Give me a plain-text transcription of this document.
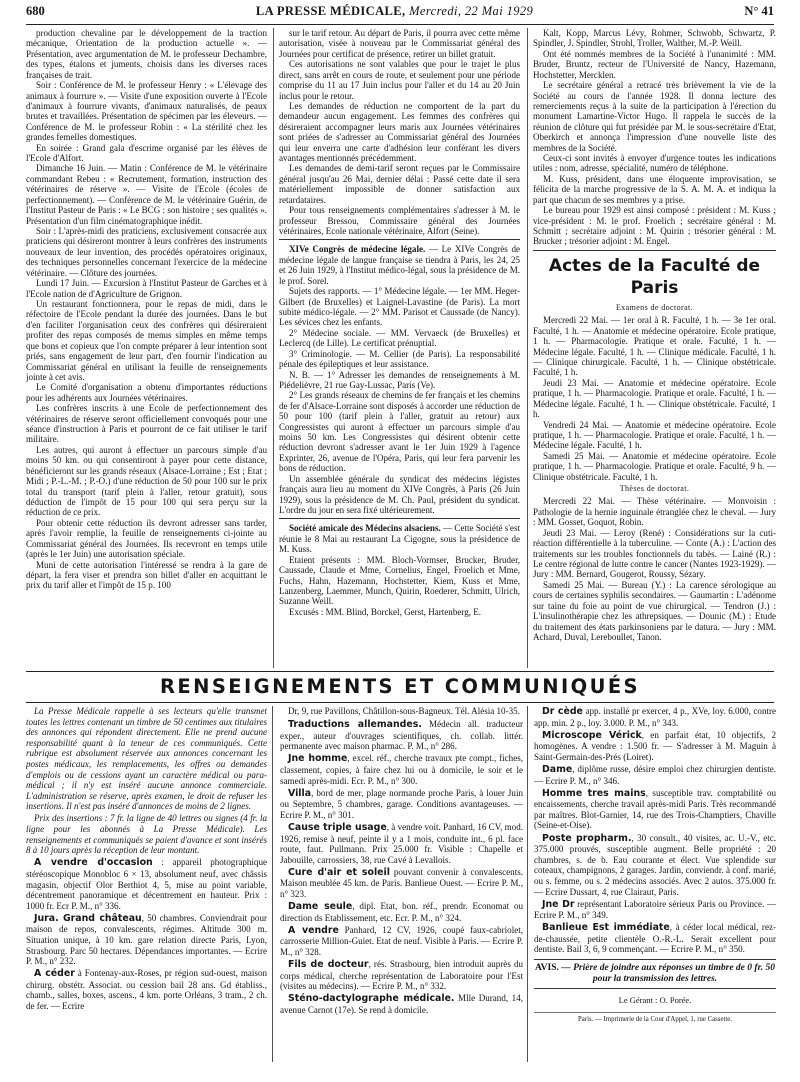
680	LA PRESSE MÉDICALE, Mercredi, 22 Mai 1929	N° 41

production chevaline par le développement de la traction mécanique, Orientation de la production actuelle ». — Présentation, avec argumentation de M. le professeur Dechambre, des types, étalons et juments, choisis dans les diverses races françaises de trait.

Soir : Conférence de M. le professeur Henry : « L'élevage des animaux à fourrure ». — Visite d'une exposition ouverte à l'Ecole d'animaux à fourrure vivants, d'animaux naturalisés, de peaux brutes et travaillées. Présentation de spécimen par les éleveurs. — Conférence de M. le professeur Robin : « La stérilité chez les grandes femelles domestiques.

En soirée : Grand gala d'escrime organisé par les élèves de l'Ecole d'Alfort.

Dimanche 16 Juin. — Matin : Conférence de M. le vétérinaire commandant Rebeu : « Recrutement, formation, instruction des vétérinaires de réserve ». — Visite de l'Ecole (écoles de perfectionnement). — Conférence de M. le vétérinaire Guérin, de l'Institut Pasteur de Paris : « Le BCG : son histoire ; ses qualités ». Présentation d'un film cinématographique inédit.

Soir : L'après-midi des praticiens, exclusivement consacrée aux praticiens qui désireront montrer à leurs confrères des instruments nouveaux de leur invention, des procédés opératoires originaux, des techniques personnelles concernant l'exercice de la médecine vétérinaire. — Clôture des journées.

Lundi 17 Juin. — Excursion à l'Institut Pasteur de Garches et à l'Ecole nation de d'Agriculture de Grignon.

Un restaurant fonctionnera, pour le repas de midi, dans le réfectoire de l'Ecole pendant la durée des journées. Dans le but d'en faciliter l'organisation ceux des confrères qui désireraient profiter des repas composés de menus simples en même temps que bons et copieux que l'on compte préparer à leur intention sont priés, sans engagement de leur part, d'en fournir l'indication au Commissariat général en utilisant la feuille de renseignements jointe à cet avis.

Le Comité d'organisation a obtenu d'importantes réductions pour les adhérents aux Journées vétérinaires.

Les confrères inscrits à une Ecole de perfectionnement des vétérinaires de réserve seront officiellement convoqués pour une séance d'instruction à Paris et pourront de ce fait utiliser le tarif militaire.

Les autres, qui auront à effectuer un parcours simple d'au moins 50 km. ou qui consentiront à payer pour cette distance, bénéficieront sur les grands réseaux (Alsace-Lorraine ; Est ; Etat ; Midi ; P.-L.-M. ; P.-O.) d'une réduction de 50 pour 100 sur le prix total du transport (tarif plein à l'aller, retour gratuit), sous déduction de l'impôt de 15 pour 100 qui sera perçu sur la réduction de ce prix.

Pour obtenir cette réduction ils devront adresser sans tarder, après l'avoir remplie, la feuille de renseignements ci-jointe au Commissariat général des Journées. Ils recevront en temps utile (après le 1er Juin) une autorisation spéciale.

Muni de cette autorisation l'intéressé se rendra à la gare de départ, la fera viser et prendra son billet d'aller en acquittant le prix du tarif aller et l'impôt de 15 p. 100

sur le tarif retour. Au départ de Paris, il pourra avec cette même autorisation, visée à nouveau par le Commissariat général des Journées pour certificat de présence, retirer un billet gratuit.

Ces autorisations ne sont valables que pour le trajet le plus direct, sans arrêt en cours de route, et seulement pour une période comprise du 11 au 17 Juin inclus pour l'aller et du 14 au 20 Juin inclus pour le retour.

Les demandes de réduction ne comportent de la part du demandeur aucun engagement. Les femmes des confrères qui désireraient accompagner leurs maris aux Journées vétérinaires sont priées de s'adresser au Commissariat général des Journées qui leur enverra une carte d'adhésion leur conférant les divers avantages mentionnés précédemment.

Les demandes de demi-tarif seront reçues par le Commissaire général jusqu'au 26 Mai, dernier délai : Passé cette date il sera matériellement impossible de donner satisfaction aux retardataires.

Pour tous renseignements complémentaires s'adresser à M. le professeur Bressou, Commissaire général des Journées vétérinaires, Ecole nationale vétérinaire, Alfort (Seine).

XIVe Congrès de médecine légale. — Le XIVe Congrès de médecine légale de langue française se tiendra à Paris, les 24, 25 et 26 Juin 1929, à l'Institut médico-légal, sous la présidence de M. le prof. Sorel.

Sujets des rapports. — 1° Médecine légale. — 1er MM. Heger-Gilbert (de Bruxelles) et Laignel-Lavastine (de Paris). La mort subite médico-légale. — 2° MM. Parisot et Caussade (de Nancy). Les sévices chez les enfants.

2° Médecine sociale. — MM. Vervaeck (de Bruxelles) et Leclercq (de Lille). Le certificat prénuptial.

3° Criminologie. — M. Cellier (de Paris). La responsabilité pénale des épileptiques et leur assistance.

N. B. — 1° Adresser les demandes de renseignements à M. Piédelièvre, 21 rue Gay-Lussac, Paris (Ve).

2° Les grands réseaux de chemins de fer français et les chemins de fer d'Alsace-Lorraine sont disposés à accorder une réduction de 50 pour 100 (tarif plein à l'aller, gratuit au retour) aux Congressistes qui auront à effectuer un parcours simple d'au moins 50 km. Les Congressistes qui désirent obtenir cette réduction devront s'adresser avant le 1er Juin 1929 à l'agence Exprinter, 26, avenue de l'Opéra, Paris, qui leur fera parvenir les bons de réduction.

Un assemblée générale du syndicat des médecins légistes français aura lieu au moment du XIVe Congrès, à Paris (26 Juin 1929), sous la présidence de M. Ch. Paul, président du syndicat. L'ordre du jour en sera fixé ultérieurement.

Société amicale des Médecins alsaciens. — Cette Société s'est réunie le 8 Mai au restaurant La Cigogne, sous la présidence de M. Kuss.

Etaient présents : MM. Bloch-Vormser, Brucker, Bruder, Caussade, Claude et Mme, Cornelius, Engel, Froelich et Mme, Fuchs, Hahn, Hazemann, Hochstetter, Kiem, Kuss et Mme, Lanzenberg, Laemmer, Munch, Quirin, Roederer, Schmitt, Ulrich, Suzanne Weill.

Excusés : MM. Blind, Borckel, Gerst, Hartenberg, E.

Kalt, Kopp, Marcus Lévy, Rohmer, Schwobb, Schwartz, P. Spindler, J. Spindler, Strohl, Troller, Walther, M.-P. Weill.

Ont été nommés membres de la Société à l'unanimité : MM. Bruder, Bruntz, recteur de l'Université de Nancy, Hazemann, Hochstetter, Mercklen.

Le secrétaire général a retracé très brièvement la vie de la Société au cours de l'année 1928. Il donna lecture des remerciements reçus à la suite de la participation à l'érection du monument Lamartine-Victor Hugo. Il rappela le succès de la réunion de clôture qui fut présidée par M. le sous-secrétaire d'Etat, Oberkirch et annonça l'impression d'une nouvelle liste des membres de la Société.

Ceux-ci sont invités à envoyer d'urgence toutes les indications utiles : nom, adresse, spécialité, numéro de téléphone.

M. Kuss, président, dans une éloquente improvisation, se félicita de la marche progressive de la S. A. M. A. et indiqua la part que chacun de ses membres y a prise.

Le bureau pour 1929 est ainsi composé : président : M. Kuss ; vice-président : M. le prof. Froelich ; secrétaire général : M. Schmitt ; secrétaire adjoint : M. Quirin ; trésorier général : M. Brucker ; trésorier adjoint : M. Engel.

Actes de la Faculté de Paris

Examens de doctorat.

Mercredi 22 Mai. — 1er oral à R. Faculté, 1 h. — 3e 1er oral. Faculté, 1 h. — Anatomie et médecine opératoire. Ecole pratique, 1 h. — Pharmacologie. Pratique et orale. Faculté, 1 h. — Médecine légale. Faculté, 1 h. — Clinique médicale. Faculté, 1 h. — Clinique chirurgicale. Faculté, 1 h. — Clinique obstétricale. Faculté, 1 h.

Jeudi 23 Mai. — Anatomie et médecine opératoire. Ecole pratique, 1 h. — Pharmacologie. Pratique et orale. Faculté, 1 h. — Médecine légale. Faculté, 1 h. — Clinique obstétricale. Faculté, 1 h.

Vendredi 24 Mai. — Anatomie et médecine opératoire. Ecole pratique, 1 h. — Pharmacologie. Pratique et orale. Faculté, 1 h. — Médecine légale. Faculté, 1 h.

Samedi 25 Mai. — Anatomie et médecine opératoire. Ecole pratique, 1 h. — Pharmacologie. Pratique et orale. Faculté, 9 h. — Clinique obstétricale. Faculté, 1 h.

Thèses de doctorat.

Mercredi 22 Mai. — Thèse vétérinaire. — Monvoisin : Pathologie de la hernie inguinale étranglée chez le cheval. — Jury : MM. Gosset, Goquot, Robin.

Jeudi 23 Mai. — Leroy (René) : Considérations sur la cuti-réaction différentielle à la tuberculine. — Conte (A.) : L'action des traitements sur les troubles fonctionnels du tabès. — Lainé (R.) : Le centre régional de lutte contre le cancer (Nantes 1923-1929). — Jury : MM. Bernard, Gougerot, Roussy, Sézary.

Samedi 25 Mai. — Bureau (Y.) : La carence sérologique au cours de certaines syphilis secondaires. — Gaumartin : L'adénome sur taine du foie au point de vue chirurgical. — Tendron (J.) : L'insulinothérapie chez les athrepsiques. — Dounic (M.) : Etude du traitement des états parkinsoniens par le datura. — Jury : MM. Achard, Duval, Lereboullet, Tanon.

RENSEIGNEMENTS ET COMMUNIQUÉS

La Presse Médicale rappelle à ses lecteurs qu'elle transmet toutes les lettres contenant un timbre de 50 centimes aux titulaires des annonces qui répondent directement. Elle ne prend aucune responsabilité quant à la teneur de ces communiqués. Cette rubrique est absolument réservée aux annonces concernant les postes médicaux, les remplacements, les offres ou demandes d'emplois ou de cessions ayant un caractère médical ou para-médical ; il n'y est inséré aucune annonce commerciale. L'administration se réserve, après examen, le droit de refuser les insertions. Il n'est pas inséré d'annonces de moins de 2 lignes.

Prix des insertions : 7 fr. la ligne de 40 lettres ou signes (4 fr. la ligne pour les abonnés à La Presse Médicale). Les renseignements et communiqués se paient d'avance et sont insérés 8 à 10 jours après la réception de leur montant.

A vendre d'occasion : appareil photographique stéréoscopique Monobloc 6 × 13, absolument neuf, avec châssis magasin, objectif Olor Berthiot 4, 5, mise au point variable, décentrement panoramique et décentrement en hauteur. Prix : 1000 fr. Ecr P. M., n° 336.

Jura. Grand château, 50 chambres. Conviendrait pour maison de repos, convalescents, régimes. Altitude 300 m. Situation unique, à 10 km. gare relation directe Paris, Lyon, Strasbourg. Parc 50 hectares. Dépendances importantes. — Ecrire P. M., n° 232.

A céder à Fontenay-aux-Roses, pr région sud-ouest, maison chirurg. obstétr. Associat. ou cession bail 28 ans. Gd établiss., chamb., salles, boxes, ascens., 4 km. porte Orléans, 3 tram., 2 ch. de fer. — Ecrire

Dr, 9, rue Pavillons, Châtillon-sous-Bagneux. Tél. Alésia 10-35.

Traductions allemandes. Médecin all. traducteur exper., auteur d'ouvrages scientifiques, ch. collab. littér. permanente avec maison pharmac. P. M., n° 286.

Jne homme, excel. réf., cherche travaux pte compt., fiches, classement, copies, à faire chez lui ou à domicile, le soir et le samedi après-midi. Ecr. P. M., n° 300.

Villa, bord de mer, plage normande proche Paris, à louer Juin ou Septembre, 5 chambres, garage. Conditions avantageuses. — Ecrire P. M., n° 301.

Cause triple usage, à vendre voit. Panhard, 16 CV, mod. 1926, remise à neuf, peinte il y a 1 mois, conduite int., 6 pl. face route, faut. Pullmann. Prix 25.000 fr. Visible : Chapelle et Jabouille, carrossiers, 38, rue Cavé à Levallois.

Cure d'air et soleil pouvant convenir à convalescents. Maison meublée 45 km. de Paris. Banlieue Ouest. — Ecrire P. M., n° 323.

Dame seule, dipl. Etat, bon. réf., prendr. Economat ou direction ds Etablissement, etc. Ecr. P. M., n° 324.

A vendre Panhard, 12 CV, 1926, coupé faux-cabriolet, carrosserie Million-Guiet. Etat de neuf. Visible à Paris. — Ecrire P. M., n° 328.

Fils de docteur, rés. Strasbourg, bien introduit auprès du corps médical, cherche représentation de Laboratoire pour l'Est (visites au médecins). — Ecrire P. M., n° 332.

Sténo-dactylographe médicale. Mlle Durand, 14, avenue Carnot (17e). Se rend à domicile.

Dr cède app. installé pr exercer, 4 p., XVe, loy. 6.000, contre app. min. 2 p., loy. 3.000. P. M., n° 343.

Microscope Vérick, en parfait état, 10 objectifs, 2 homogènes. A vendre : 1.500 fr. — S'adresser à M. Maguin à Saint-Germain-des-Prés (Loiret).

Dame, diplôme russe, désire emploi chez chirurgien dentiste. — Ecrire P. M., n° 346.

Homme tres mains, susceptible trav. comptabilité ou encaissements, cherche travail après-midi Paris. Très recommandé par maîtres. Blot-Garnier, 14, rue des Trois-Champtiers, Chaville (Seine-et-Oise).

Poste propharm., 30 consult., 40 visites, ac. U.-V., etc. 375.000 prouvés, susceptible augment. Belle propriété : 20 chambres, s. de b. Eau courante et élect. Vue splendide sur coteaux, champignons, 2 garages. Jardin, conviendr. à conf. marié, ou s. femme, ou s. 2 médecins associés. Avec 2 autos. 375.000 fr. — Ecrire Dussart, 4, rue Clairaut, Paris.

Jne Dr représentant Laboratoire sérieux Paris ou Province. — Ecrire P. M., n° 349.

Banlieue Est immédiate, à céder local médical, rez-de-chaussée, petite clientèle O.-R.-L. Serait excellent pour dentiste. Bail 3, 6, 9 commençant. — Ecrire P. M., n° 350.

AVIS. — Prière de joindre aux réponses un timbre de 0 fr. 50 pour la transmission des lettres.
Le Gérant : O. Porée.
Paris. — Imprimerie de la Cour d'Appel, 1, rue Cassette.
